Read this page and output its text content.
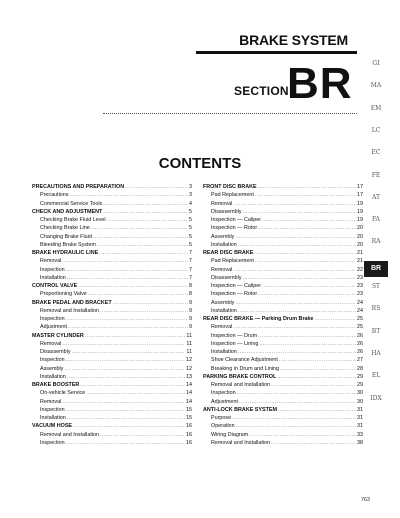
BRAKE SYSTEM
SECTION
BR
CONTENTS
PRECAUTIONS AND PREPARATION .....	3
Precautions .....	3
Commercial Service Tools .....	4
CHECK AND ADJUSTMENT .....	5
Checking Brake Fluid Level .....	5
Checking Brake Line .....	5
Changing Brake Fluid .....	5
Bleeding Brake System .....	5
BRAKE HYDRAULIC LINE .....	7
Removal .....	7
Inspection .....	7
Installation .....	7
CONTROL VALVE .....	8
Proportioning Valve .....	8
BRAKE PEDAL AND BRACKET .....	9
Removal and Installation .....	9
Inspection .....	9
Adjustment .....	9
MASTER CYLINDER .....	11
Removal .....	11
Disassembly .....	11
Inspection .....	12
Assembly .....	12
Installation .....	13
BRAKE BOOSTER .....	14
On-vehicle Service .....	14
Removal .....	14
Inspection .....	15
Installation .....	15
VACUUM HOSE .....	16
Removal and Installation .....	16
Inspection .....	16
FRONT DISC BRAKE .....	17
Pad Replacement .....	17
Removal .....	19
Disassembly .....	19
Inspection — Caliper .....	19
Inspection — Rotor .....	20
Assembly .....	20
Installation .....	20
REAR DISC BRAKE .....	21
Pad Replacement .....	21
Removal .....	22
Disassembly .....	23
Inspection — Caliper .....	23
Inspection — Rotor .....	23
Assembly .....	24
Installation .....	24
REAR DISC BRAKE — Parking Drum Brake .....	25
Removal .....	25
Inspection — Drum .....	26
Inspection — Lining .....	26
Installation .....	26
Shoe Clearance Adjustment .....	27
Breaking in Drum and Lining .....	28
PARKING BRAKE CONTROL .....	29
Removal and Installation .....	29
Inspection .....	30
Adjustment .....	30
ANTI-LOCK BRAKE SYSTEM .....	31
Purpose .....	31
Operation .....	31
Wiring Diagram .....	33
Removal and Installation .....	38
GI
MA
EM
LC
EC
FE
AT
FA
RA
BR
ST
RS
BT
HA
EL
IDX
763
